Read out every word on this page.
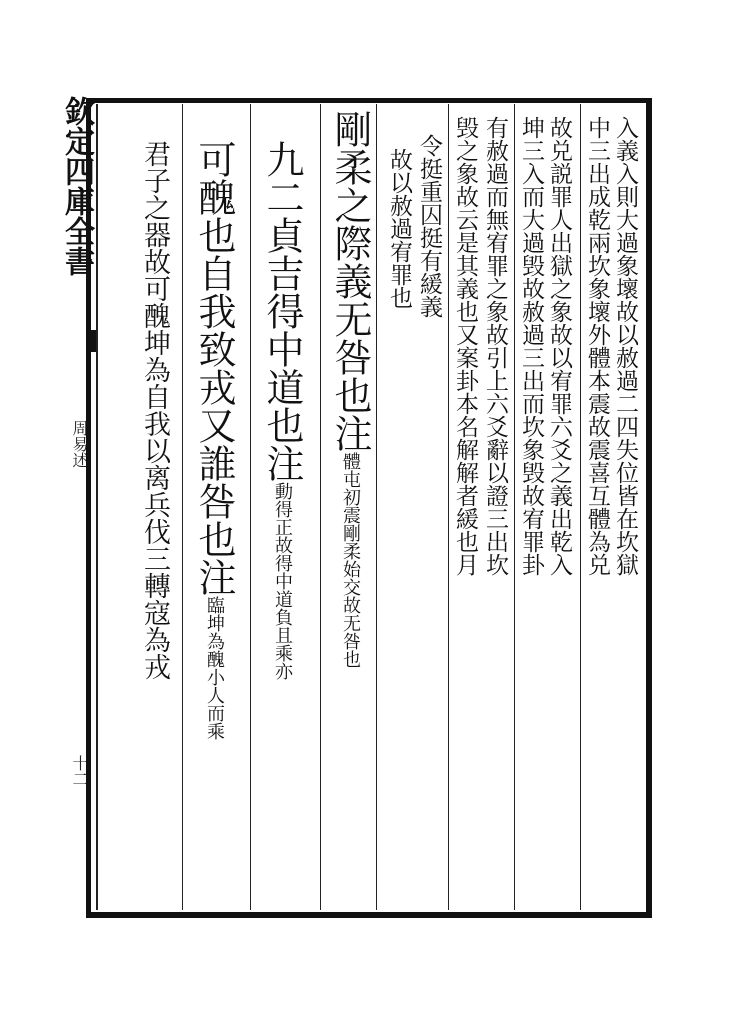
欽定四庫全書
周易述
十二
入義入則大過象壞故以赦過二四失位皆在坎獄
中三出成乾兩坎象壞外體本震故震喜互體為兑
故兑説罪人出獄之象故以宥罪六爻之義出乾入
坤三入而大過毁故赦過三出而坎象毁故宥罪卦
有赦過而無宥罪之象故引上六爻辭以證三出坎
毁之象故云是其義也又案卦本名解解者緩也月
令挺重囚挺有緩義
故以赦過宥罪也
剛柔之際義无咎也注體屯初震剛柔始交故无咎也
九二貞吉得中道也注動得正故得中道負且乘亦
可醜也自我致戎又誰咎也注臨坤為醜小人而乘
君子之器故可醜坤為自我以离兵伐三轉寇為戎
